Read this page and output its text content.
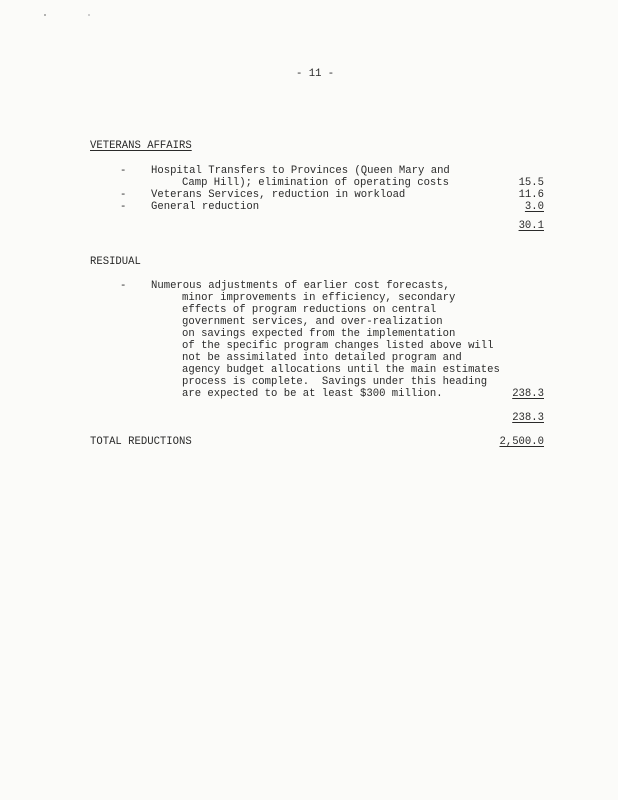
- 11 -
VETERANS AFFAIRS
- Hospital Transfers to Provinces (Queen Mary and
Camp Hill); elimination of operating costs	15.5
- Veterans Services, reduction in workload	11.6
- General reduction	3.0
30.1
RESIDUAL
- Numerous adjustments of earlier cost forecasts,
minor improvements in efficiency, secondary
effects of program reductions on central
government services, and over-realization
on savings expected from the implementation
of the specific program changes listed above will
not be assimilated into detailed program and
agency budget allocations until the main estimates
process is complete.  Savings under this heading
are expected to be at least $300 million.	238.3
238.3
TOTAL REDUCTIONS	2,500.0
